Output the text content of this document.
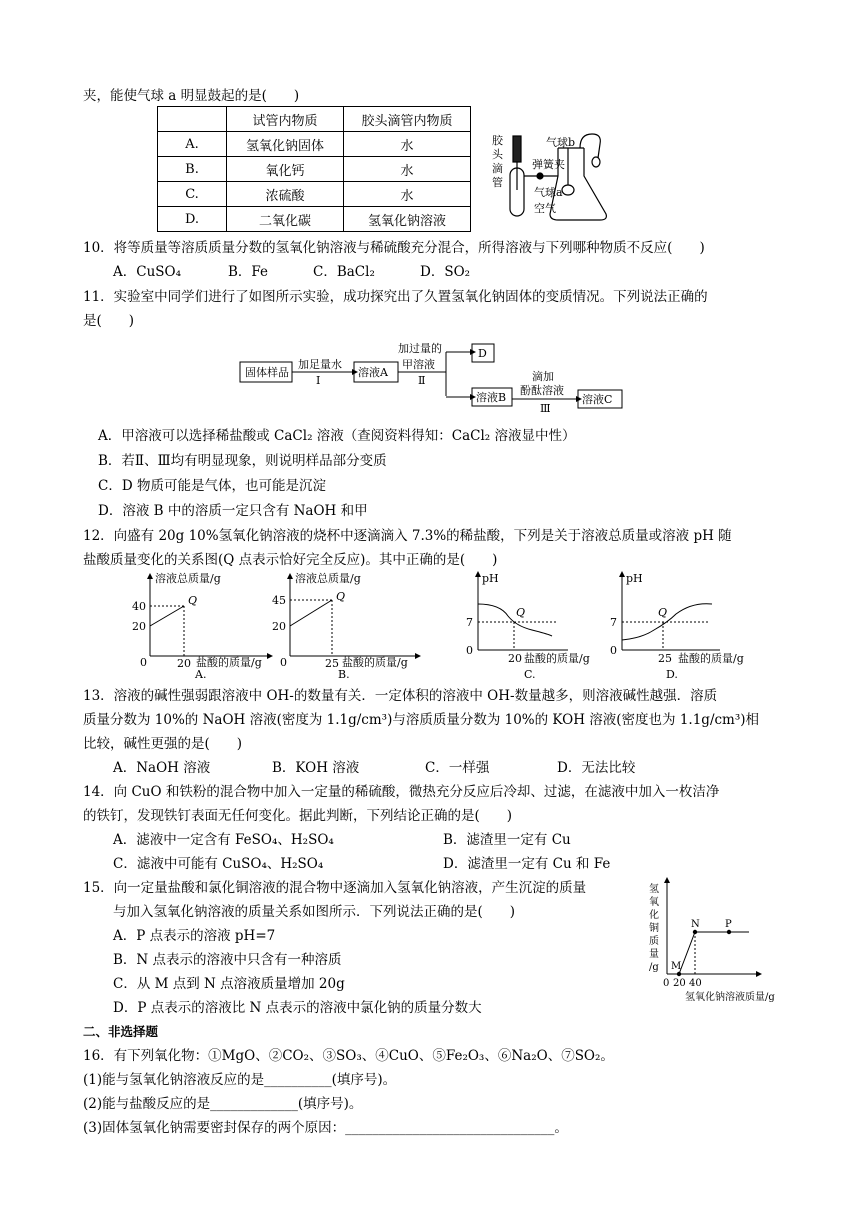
夹，能使气球 a 明显鼓起的是(　　)
	试管内物质	胶头滴管内物质
A.	氢氧化钠固体	水
B.	氧化钙	水
C.	浓硫酸	水
D.	二氧化碳	氢氧化钠溶液
胶
头
滴
管
气球b
弹簧夹
气球a
空气
10．将等质量等溶质质量分数的氢氧化钠溶液与稀硫酸充分混合，所得溶液与下列哪种物质不反应(　　)
A．CuSO₄	B．Fe	C．BaCl₂	D．SO₂
11．实验室中同学们进行了如图所示实验，成功探究出了久置氢氧化钠固体的变质情况。下列说法正确的
是(　　)
固体样品
加足量水
Ⅰ
溶液A
加过量的
甲溶液
Ⅱ
D
溶液B
滴加
酚酞溶液
Ⅲ
溶液C
A．甲溶液可以选择稀盐酸或 CaCl₂ 溶液（查阅资料得知：CaCl₂ 溶液显中性）
B．若Ⅱ、Ⅲ均有明显现象，则说明样品部分变质
C．D 物质可能是气体，也可能是沉淀
D．溶液 B 中的溶质一定只含有 NaOH 和甲
12．向盛有 20g 10%氢氧化钠溶液的烧杯中逐滴滴入 7.3%的稀盐酸，下列是关于溶液总质量或溶液 pH 随
盐酸质量变化的关系图(Q 点表示恰好完全反应)。其中正确的是(　　)
溶液总质量/g
40
20
0	20 盐酸的质量/g
Q
A.
溶液总质量/g
45
20
0	25 盐酸的质量/g
Q
B.
pH
7
0
20 盐酸的质量/g
Q
C.
pH
7
0
25 盐酸的质量/g
Q
D.
13．溶液的碱性强弱跟溶液中 OH-的数量有关．一定体积的溶液中 OH-数量越多，则溶液碱性越强．溶质
质量分数为 10%的 NaOH 溶液(密度为 1.1g/cm³)与溶质质量分数为 10%的 KOH 溶液(密度也为 1.1g/cm³)相
比较，碱性更强的是(　　)
A．NaOH 溶液	B．KOH 溶液	C．一样强	D．无法比较
14．向 CuO 和铁粉的混合物中加入一定量的稀硫酸，微热充分反应后冷却、过滤，在滤液中加入一枚洁净
的铁钉，发现铁钉表面无任何变化。据此判断，下列结论正确的是(　　)
A．滤液中一定含有 FeSO₄、H₂SO₄	B．滤渣里一定有 Cu
C．滤液中可能有 CuSO₄、H₂SO₄	D．滤渣里一定有 Cu 和 Fe
15．向一定量盐酸和氯化铜溶液的混合物中逐滴加入氢氧化钠溶液，产生沉淀的质量
与加入氢氧化钠溶液的质量关系如图所示．下列说法正确的是(　　)
A．P 点表示的溶液 pH=7
B．N 点表示的溶液中只含有一种溶质
C．从 M 点到 N 点溶液质量增加 20g
D．P 点表示的溶液比 N 点表示的溶液中氯化钠的质量分数大
氢
氧
化
铜
质
量
/g
0 20 40
氢氧化钠溶液质量/g
M
N	P
二、非选择题
16．有下列氧化物：①MgO、②CO₂、③SO₃、④CuO、⑤Fe₂O₃、⑥Na₂O、⑦SO₂。
(1)能与氢氧化钠溶液反应的是__________(填序号)。
(2)能与盐酸反应的是_____________(填序号)。
(3)固体氢氧化钠需要密封保存的两个原因：_______________________________。
